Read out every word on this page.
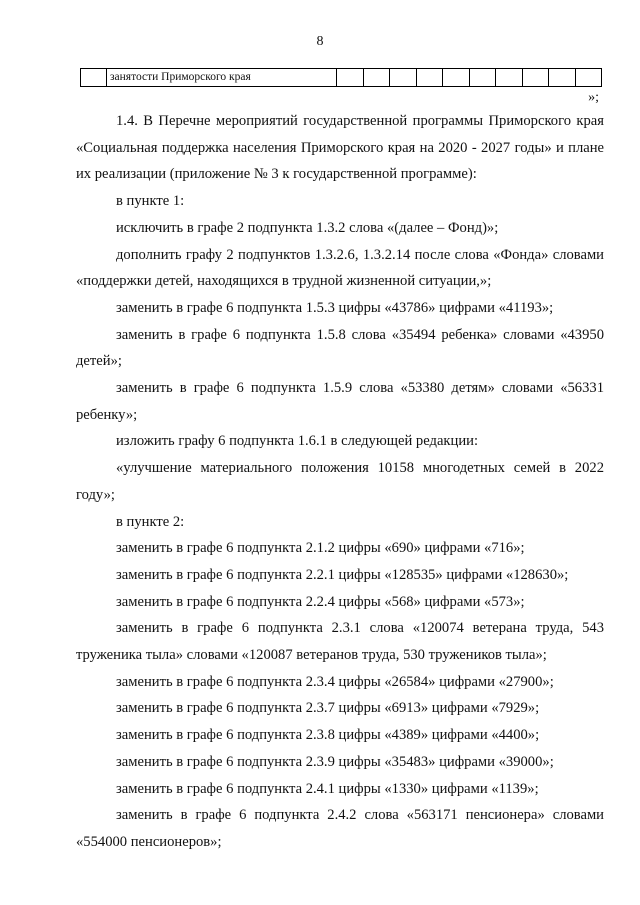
8
	занятости Приморского края										
»;

1.4. В Перечне мероприятий государственной программы Приморского края «Социальная поддержка населения Приморского края на 2020 - 2027 годы» и плане их реализации (приложение № 3 к государственной программе):

в пункте 1:

исключить в графе 2 подпункта 1.3.2 слова «(далее – Фонд)»;

дополнить графу 2 подпунктов 1.3.2.6, 1.3.2.14 после слова «Фонда» словами «поддержки детей, находящихся в трудной жизненной ситуации,»;

заменить в графе 6 подпункта 1.5.3 цифры «43786» цифрами «41193»;

заменить в графе 6 подпункта 1.5.8 слова «35494 ребенка» словами «43950 детей»;

заменить в графе 6 подпункта 1.5.9 слова «53380 детям» словами «56331 ребенку»;

изложить графу 6 подпункта 1.6.1 в следующей редакции:

«улучшение материального положения 10158 многодетных семей в 2022 году»;

в пункте 2:

заменить в графе 6 подпункта 2.1.2 цифры «690» цифрами «716»;

заменить в графе 6 подпункта 2.2.1 цифры «128535» цифрами «128630»;

заменить в графе 6 подпункта 2.2.4 цифры «568» цифрами «573»;

заменить в графе 6 подпункта 2.3.1 слова «120074 ветерана труда, 543 труженика тыла» словами «120087 ветеранов труда, 530 тружеников тыла»;

заменить в графе 6 подпункта 2.3.4 цифры «26584» цифрами «27900»;

заменить в графе 6 подпункта 2.3.7 цифры «6913» цифрами «7929»;

заменить в графе 6 подпункта 2.3.8 цифры «4389» цифрами «4400»;

заменить в графе 6 подпункта 2.3.9 цифры «35483» цифрами «39000»;

заменить в графе 6 подпункта 2.4.1 цифры «1330» цифрами «1139»;

заменить в графе 6 подпункта 2.4.2 слова «563171 пенсионера» словами «554000 пенсионеров»;
